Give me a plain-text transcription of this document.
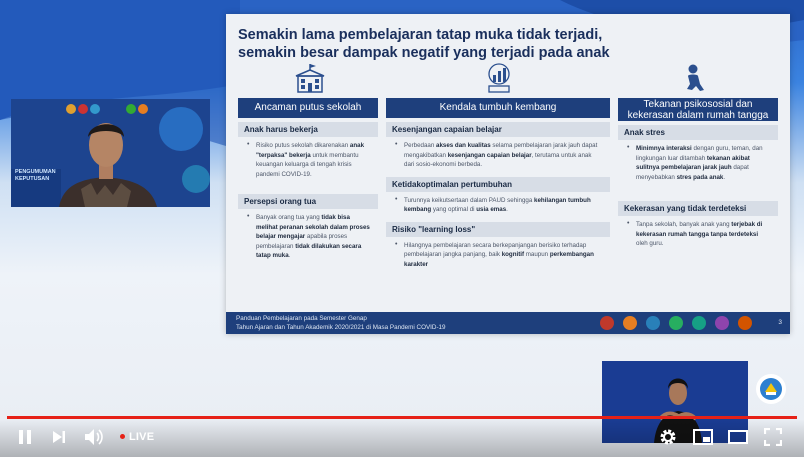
Semakin lama pembelajaran tatap muka tidak terjadi,
semakin besar dampak negatif yang terjadi pada anak
Ancaman putus sekolah
Anak harus bekerja
• Risiko putus sekolah dikarenakan anak "terpaksa" bekerja untuk membantu keuangan keluarga di tengah krisis pandemi COVID-19.
Persepsi orang tua
• Banyak orang tua yang tidak bisa melihat peranan sekolah dalam proses belajar mengajar apabila proses pembelajaran tidak dilakukan secara tatap muka.
Kendala tumbuh kembang
Kesenjangan capaian belajar
• Perbedaan akses dan kualitas selama pembelajaran jarak jauh dapat mengakibatkan kesenjangan capaian belajar, terutama untuk anak dari sosio-ekonomi berbeda.
Ketidakoptimalan pertumbuhan
• Turunnya keikutsertaan dalam PAUD sehingga kehilangan tumbuh kembang yang optimal di usia emas.
Risiko "learning loss"
• Hilangnya pembelajaran secara berkepanjangan berisiko terhadap pembelajaran jangka panjang, baik kognitif maupun perkembangan karakter
Tekanan psikososial dan
kekerasan dalam rumah tangga
Anak stres
• Minimnya interaksi dengan guru, teman, dan lingkungan luar ditambah tekanan akibat sulitnya pembelajaran jarak jauh dapat menyebabkan stres pada anak.
Kekerasan yang tidak terdeteksi
• Tanpa sekolah, banyak anak yang terjebak di kekerasan rumah tangga tanpa terdeteksi oleh guru.
Panduan Pembelajaran pada Semester Genap
Tahun Ajaran dan Tahun Akademik 2020/2021 di Masa Pandemi COVID-19
3
PENGUMUMAN
KEPUTUSAN
LIVE
